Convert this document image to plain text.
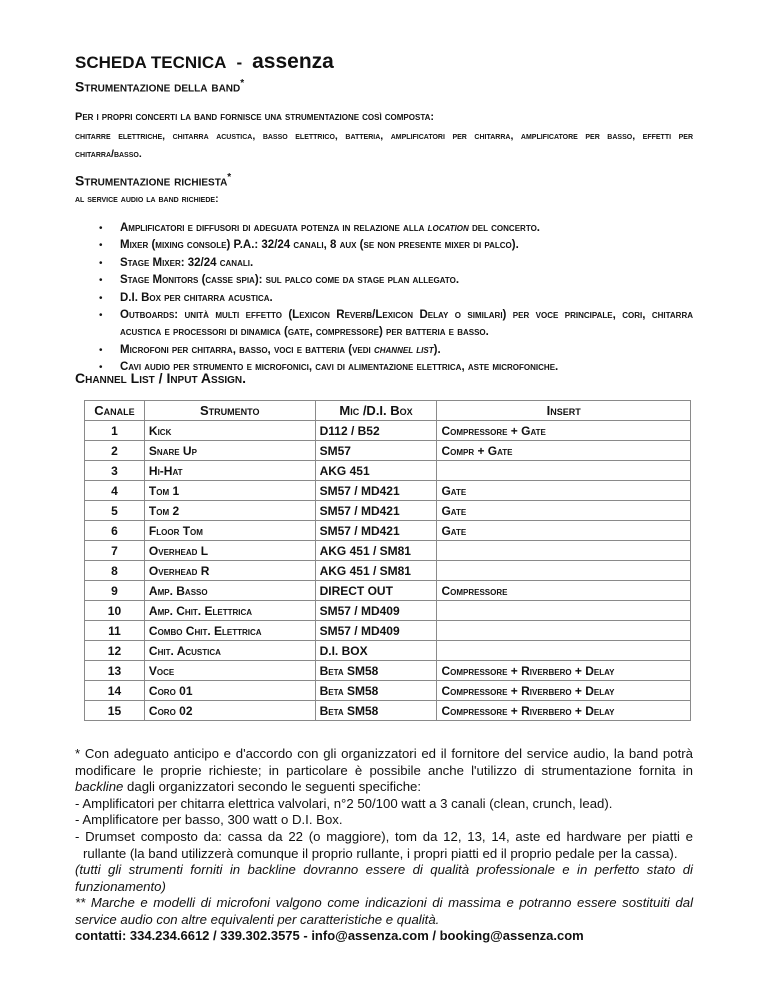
SCHEDA TECNICA - assenza
Strumentazione della band*
Per i propri concerti la band fornisce una strumentazione così composta:
chitarre elettriche, chitarra acustica, basso elettrico, batteria, amplificatori per chitarra, amplificatore per basso, effetti per chitarra/basso.
Strumentazione richiesta*
al service audio la band richiede:
• Amplificatori e diffusori di adeguata potenza in relazione alla location del concerto.
• Mixer (mixing console) P.A.: 32/24 canali, 8 aux (se non presente mixer di palco).
• Stage Mixer: 32/24 canali.
• Stage Monitors (casse spia): sul palco come da stage plan allegato.
• D.I. Box per chitarra acustica.
• Outboards: unità multi effetto (Lexicon Reverb/Lexicon Delay o similari) per voce principale, cori, chitarra acustica e processori di dinamica (gate, compressore) per batteria e basso.
• Microfoni per chitarra, basso, voci e batteria (vedi channel list).
• Cavi audio per strumento e microfonici, cavi di alimentazione elettrica, aste microfoniche.
Channel List / Input Assign.
Canale	Strumento	Mic /D.I. Box	Insert
1	Kick	D112 / B52	Compressore + Gate
2	Snare Up	SM57	Compr + Gate
3	Hi-Hat	AKG 451	
4	Tom 1	SM57 / MD421	Gate
5	Tom 2	SM57 / MD421	Gate
6	Floor Tom	SM57 / MD421	Gate
7	Overhead L	AKG 451 / SM81	
8	Overhead R	AKG 451 / SM81	
9	Amp. Basso	DIRECT OUT	Compressore
10	Amp. Chit. Elettrica	SM57 / MD409	
11	Combo Chit. Elettrica	SM57 / MD409	
12	Chit. Acustica	D.I. BOX	
13	Voce	Beta SM58	Compressore + Riverbero + Delay
14	Coro 01	Beta SM58	Compressore + Riverbero + Delay
15	Coro 02	Beta SM58	Compressore + Riverbero + Delay

* Con adeguato anticipo e d'accordo con gli organizzatori ed il fornitore del service audio, la band potrà modificare le proprie richieste; in particolare è possibile anche l'utilizzo di strumentazione fornita in backline dagli organizzatori secondo le seguenti specifiche:

- Amplificatori per chitarra elettrica valvolari, n°2 50/100 watt a 3 canali (clean, crunch, lead).

- Amplificatore per basso, 300 watt o D.I. Box.

- Drumset composto da: cassa da 22 (o maggiore), tom da 12, 13, 14, aste ed hardware per piatti e rullante (la band utilizzerà comunque il proprio rullante, i propri piatti ed il proprio pedale per la cassa).

(tutti gli strumenti forniti in backline dovranno essere di qualità professionale e in perfetto stato di funzionamento)

** Marche e modelli di microfoni valgono come indicazioni di massima e potranno essere sostituiti dal service audio con altre equivalenti per caratteristiche e qualità.

contatti: 334.234.6612 / 339.302.3575 - info@assenza.com / booking@assenza.com
